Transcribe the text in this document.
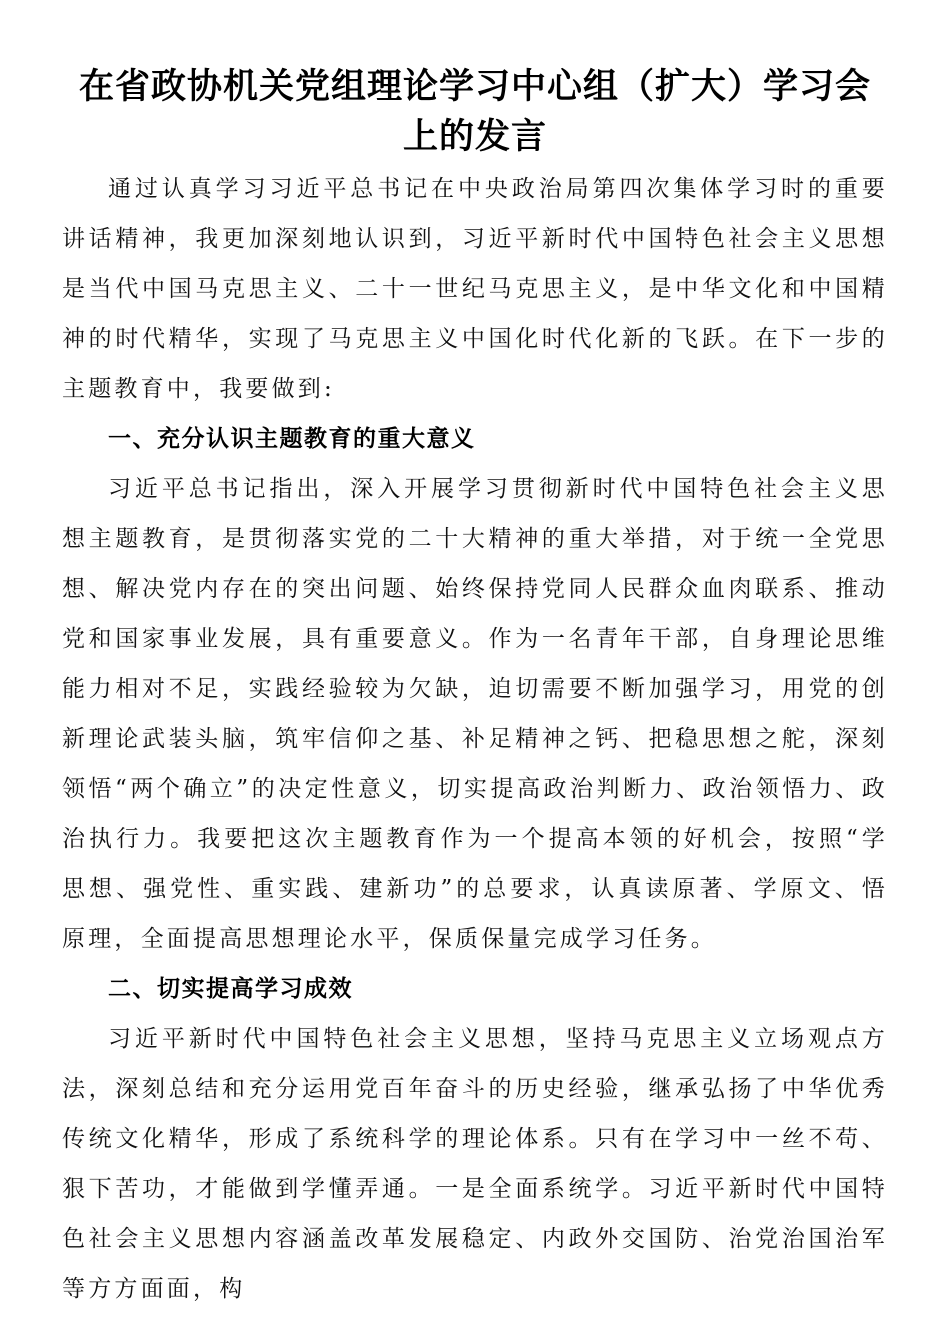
在省政协机关党组理论学习中心组（扩大）学习会上的发言

通过认真学习习近平总书记在中央政治局第四次集体学习时的重要讲话精神，我更加深刻地认识到，习近平新时代中国特色社会主义思想是当代中国马克思主义、二十一世纪马克思主义，是中华文化和中国精神的时代精华，实现了马克思主义中国化时代化新的飞跃。在下一步的主题教育中，我要做到:

一、充分认识主题教育的重大意义

习近平总书记指出，深入开展学习贯彻新时代中国特色社会主义思想主题教育，是贯彻落实党的二十大精神的重大举措，对于统一全党思想、解决党内存在的突出问题、始终保持党同人民群众血肉联系、推动党和国家事业发展，具有重要意义。作为一名青年干部，自身理论思维能力相对不足，实践经验较为欠缺，迫切需要不断加强学习，用党的创新理论武装头脑，筑牢信仰之基、补足精神之钙、把稳思想之舵，深刻领悟“两个确立”的决定性意义，切实提高政治判断力、政治领悟力、政治执行力。我要把这次主题教育作为一个提高本领的好机会，按照“学思想、强党性、重实践、建新功”的总要求，认真读原著、学原文、悟原理，全面提高思想理论水平，保质保量完成学习任务。

二、切实提高学习成效

习近平新时代中国特色社会主义思想，坚持马克思主义立场观点方法，深刻总结和充分运用党百年奋斗的历史经验，继承弘扬了中华优秀传统文化精华，形成了系统科学的理论体系。只有在学习中一丝不苟、狠下苦功，才能做到学懂弄通。一是全面系统学。习近平新时代中国特色社会主义思想内容涵盖改革发展稳定、内政外交国防、治党治国治军等方方面面，构
